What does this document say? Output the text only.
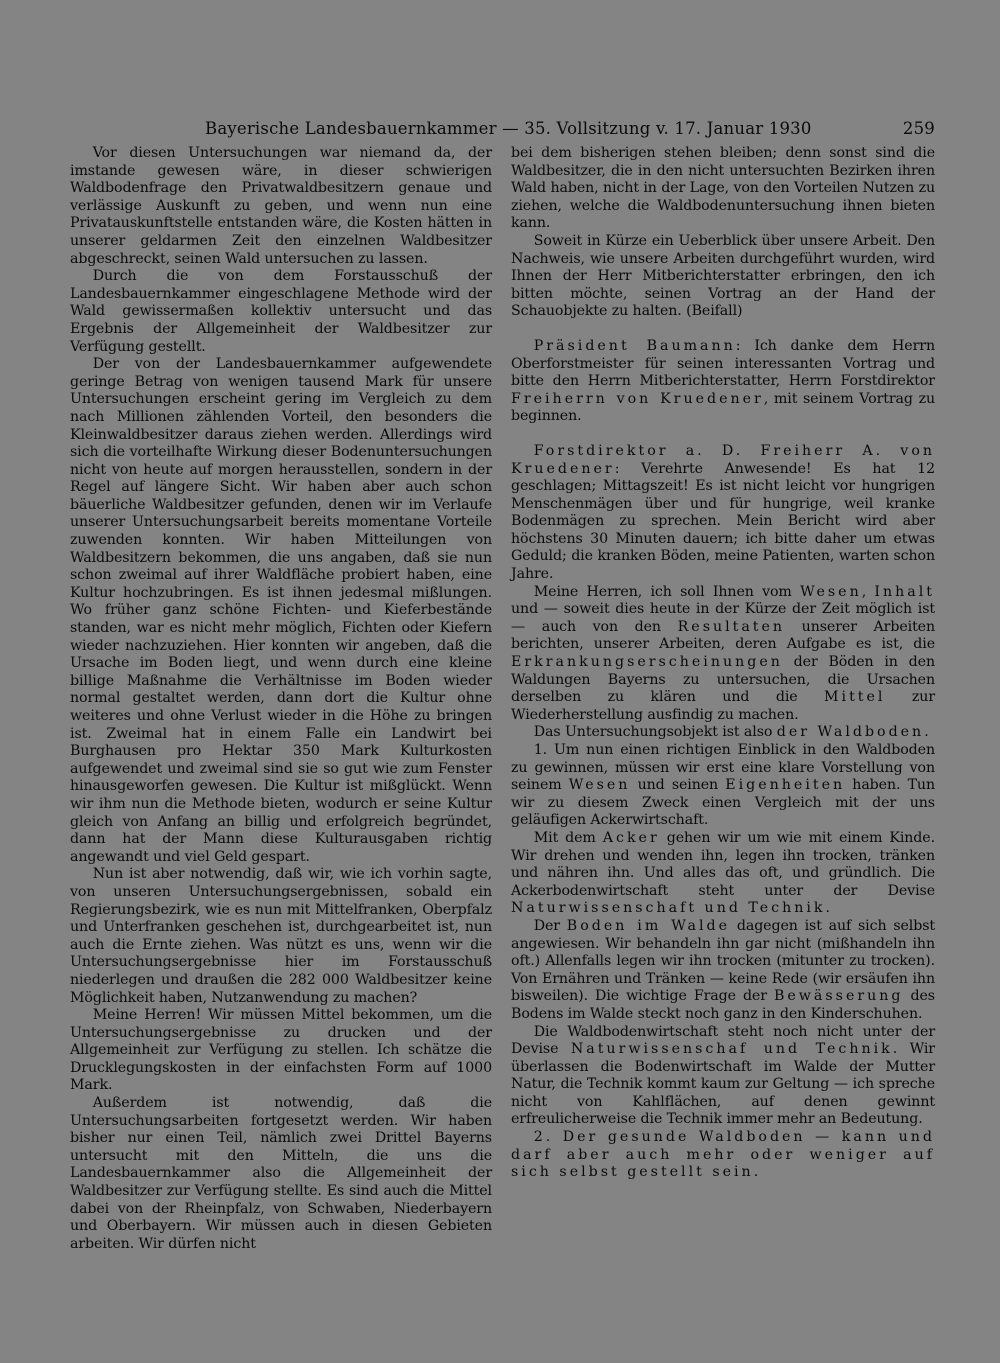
Bayerische Landesbauernkammer — 35. Vollsitzung v. 17. Januar 1930	259

Vor diesen Untersuchungen war niemand da, der imstande gewesen wäre, in dieser schwierigen Waldbodenfrage den Privatwaldbesitzern genaue und verlässige Auskunft zu geben, und wenn nun eine Privatauskunftstelle entstanden wäre, die Kosten hätten in unserer geldarmen Zeit den einzelnen Waldbesitzer abgeschreckt, seinen Wald untersuchen zu lassen.

Durch die von dem Forstausschuß der Landesbauernkammer eingeschlagene Methode wird der Wald gewissermaßen kollektiv untersucht und das Ergebnis der Allgemeinheit der Waldbesitzer zur Verfügung gestellt.

Der von der Landesbauernkammer aufgewendete geringe Betrag von wenigen tausend Mark für unsere Untersuchungen erscheint gering im Vergleich zu dem nach Millionen zählenden Vorteil, den besonders die Kleinwaldbesitzer daraus ziehen werden. Allerdings wird sich die vorteilhafte Wirkung dieser Bodenuntersuchungen nicht von heute auf morgen herausstellen, sondern in der Regel auf längere Sicht. Wir haben aber auch schon bäuerliche Waldbesitzer gefunden, denen wir im Verlaufe unserer Untersuchungsarbeit bereits momentane Vorteile zuwenden konnten. Wir haben Mitteilungen von Waldbesitzern bekommen, die uns angaben, daß sie nun schon zweimal auf ihrer Waldfläche probiert haben, eine Kultur hochzubringen. Es ist ihnen jedesmal mißlungen. Wo früher ganz schöne Fichten- und Kieferbestände standen, war es nicht mehr möglich, Fichten oder Kiefern wieder nachzuziehen. Hier konnten wir angeben, daß die Ursache im Boden liegt, und wenn durch eine kleine billige Maßnahme die Verhältnisse im Boden wieder normal gestaltet werden, dann dort die Kultur ohne weiteres und ohne Verlust wieder in die Höhe zu bringen ist. Zweimal hat in einem Falle ein Landwirt bei Burghausen pro Hektar 350 Mark Kulturkosten aufgewendet und zweimal sind sie so gut wie zum Fenster hinausgeworfen gewesen. Die Kultur ist mißglückt. Wenn wir ihm nun die Methode bieten, wodurch er seine Kultur gleich von Anfang an billig und erfolgreich begründet, dann hat der Mann diese Kulturausgaben richtig angewandt und viel Geld gespart.

Nun ist aber notwendig, daß wir, wie ich vorhin sagte, von unseren Untersuchungsergebnissen, sobald ein Regierungsbezirk, wie es nun mit Mittelfranken, Oberpfalz und Unterfranken geschehen ist, durchgearbeitet ist, nun auch die Ernte ziehen. Was nützt es uns, wenn wir die Untersuchungsergebnisse hier im Forstausschuß niederlegen und draußen die 282 000 Waldbesitzer keine Möglichkeit haben, Nutzanwendung zu machen?

Meine Herren! Wir müssen Mittel bekommen, um die Untersuchungsergebnisse zu drucken und der Allgemeinheit zur Verfügung zu stellen. Ich schätze die Drucklegungskosten in der einfachsten Form auf 1000 Mark.

Außerdem ist notwendig, daß die Untersuchungsarbeiten fortgesetzt werden. Wir haben bisher nur einen Teil, nämlich zwei Drittel Bayerns untersucht mit den Mitteln, die uns die Landesbauernkammer also die Allgemeinheit der Waldbesitzer zur Verfügung stellte. Es sind auch die Mittel dabei von der Rheinpfalz, von Schwaben, Niederbayern und Oberbayern. Wir müssen auch in diesen Gebieten arbeiten. Wir dürfen nicht

bei dem bisherigen stehen bleiben; denn sonst sind die Waldbesitzer, die in den nicht untersuchten Bezirken ihren Wald haben, nicht in der Lage, von den Vorteilen Nutzen zu ziehen, welche die Waldbodenuntersuchung ihnen bieten kann.

Soweit in Kürze ein Ueberblick über unsere Arbeit. Den Nachweis, wie unsere Arbeiten durchgeführt wurden, wird Ihnen der Herr Mitberichterstatter erbringen, den ich bitten möchte, seinen Vortrag an der Hand der Schauobjekte zu halten. (Beifall)

Präsident Baumann: Ich danke dem Herrn Oberforstmeister für seinen interessanten Vortrag und bitte den Herrn Mitberichterstatter, Herrn Forstdirektor Freiherrn von Kruedener, mit seinem Vortrag zu beginnen.

Forstdirektor a. D. Freiherr A. von Kruedener: Verehrte Anwesende! Es hat 12 geschlagen; Mittagszeit! Es ist nicht leicht vor hungrigen Menschenmägen über und für hungrige, weil kranke Bodenmägen zu sprechen. Mein Bericht wird aber höchstens 30 Minuten dauern; ich bitte daher um etwas Geduld; die kranken Böden, meine Patienten, warten schon Jahre.

Meine Herren, ich soll Ihnen vom Wesen, Inhalt und — soweit dies heute in der Kürze der Zeit möglich ist — auch von den Resultaten unserer Arbeiten berichten, unserer Arbeiten, deren Aufgabe es ist, die Erkrankungserscheinungen der Böden in den Waldungen Bayerns zu untersuchen, die Ursachen derselben zu klären und die Mittel zur Wiederherstellung ausfindig zu machen.

Das Untersuchungsobjekt ist also der Waldboden.

1. Um nun einen richtigen Einblick in den Waldboden zu gewinnen, müssen wir erst eine klare Vorstellung von seinem Wesen und seinen Eigenheiten haben. Tun wir zu diesem Zweck einen Vergleich mit der uns geläufigen Ackerwirtschaft.

Mit dem Acker gehen wir um wie mit einem Kinde. Wir drehen und wenden ihn, legen ihn trocken, tränken und nähren ihn. Und alles das oft, und gründlich. Die Ackerbodenwirtschaft steht unter der Devise Naturwissenschaft und Technik.

Der Boden im Walde dagegen ist auf sich selbst angewiesen. Wir behandeln ihn gar nicht (mißhandeln ihn oft.) Allenfalls legen wir ihn trocken (mitunter zu trocken). Von Ernähren und Tränken — keine Rede (wir ersäufen ihn bisweilen). Die wichtige Frage der Bewässerung des Bodens im Walde steckt noch ganz in den Kinderschuhen.

Die Waldbodenwirtschaft steht noch nicht unter der Devise Naturwissenschaf und Technik. Wir überlassen die Bodenwirtschaft im Walde der Mutter Natur, die Technik kommt kaum zur Geltung — ich spreche nicht von Kahlflächen, auf denen gewinnt erfreulicherweise die Technik immer mehr an Bedeutung.

2. Der gesunde Waldboden — kann und darf aber auch mehr oder weniger auf sich selbst gestellt sein.
